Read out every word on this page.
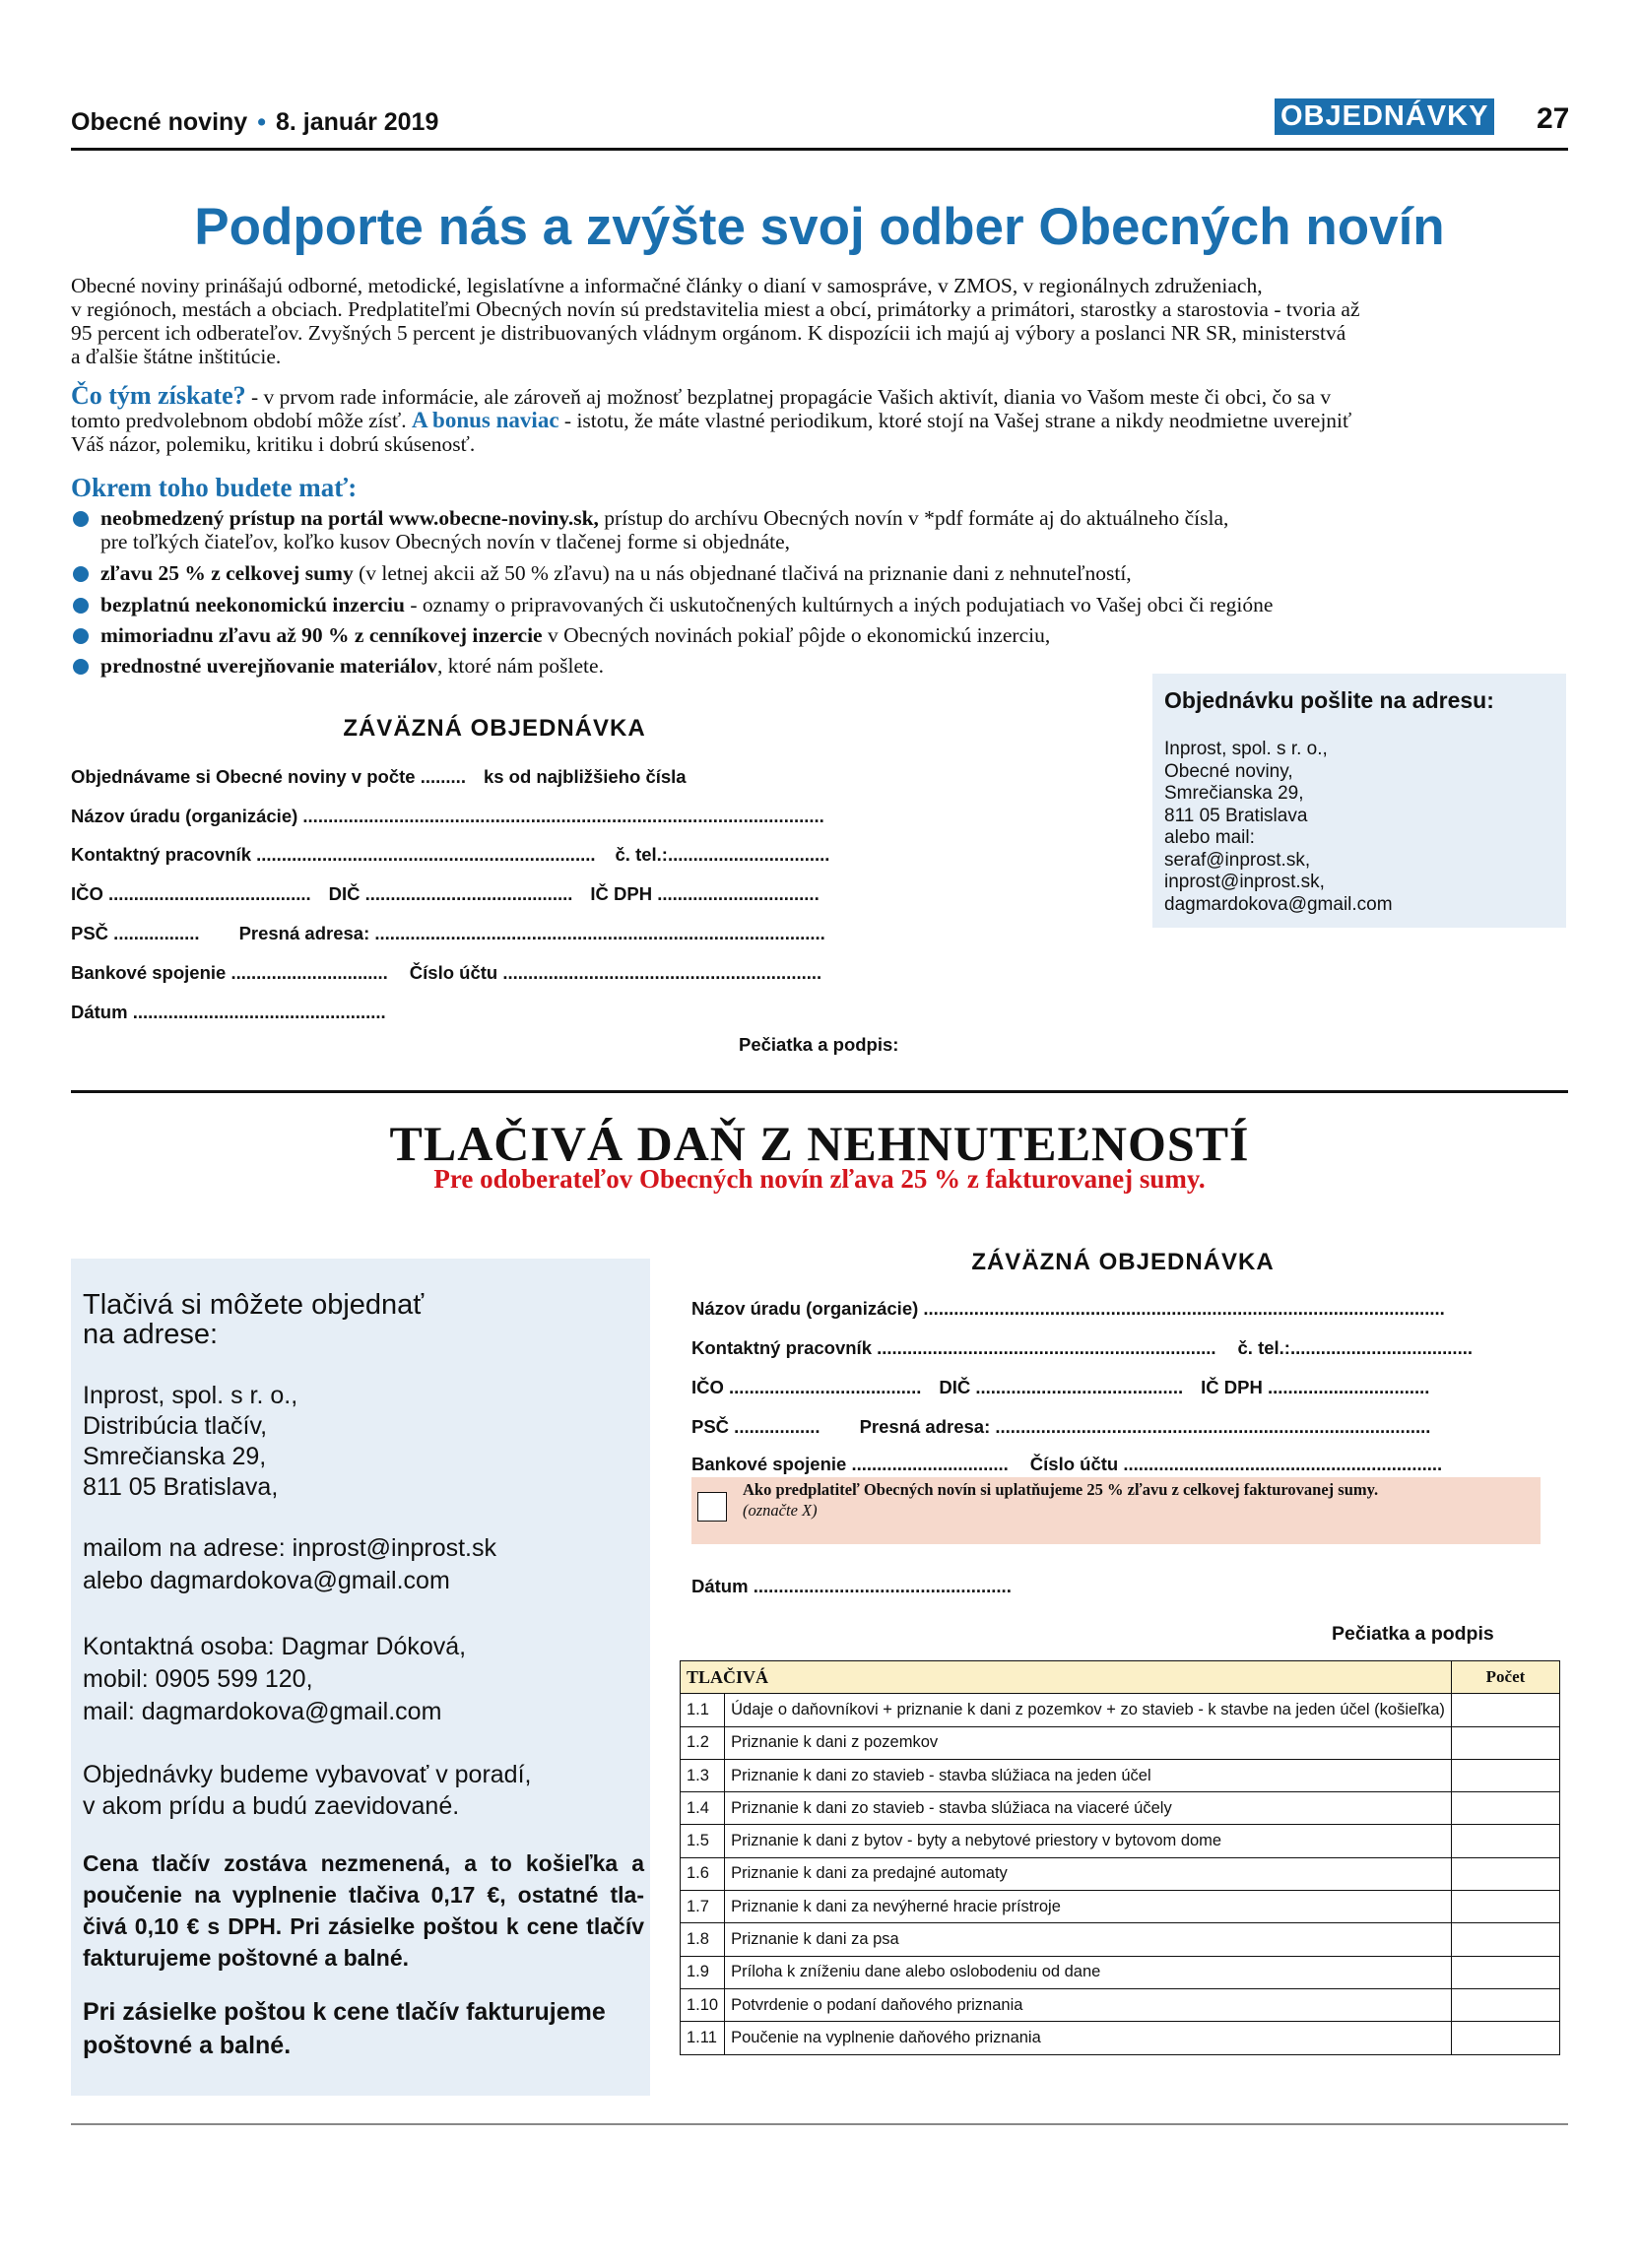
Obecné noviny • 8. január 2019	OBJEDNÁVKY 27
Podporte nás a zvýšte svoj odber Obecných novín
Obecné noviny prinášajú odborné, metodické, legislatívne a informačné články o dianí v samospráve, v ZMOS, v regionálnych združeniach,
v regiónoch, mestách a obciach. Predplatiteľmi Obecných novín sú predstavitelia miest a obcí, primátorky a primátori, starostky a starostovia - tvoria až
95 percent ich odberateľov. Zvyšných 5 percent je distribuovaných vládnym orgánom. K dispozícii ich majú aj výbory a poslanci NR SR, ministerstvá
a ďalšie štátne inštitúcie.
Čo tým získate? - v prvom rade informácie, ale zároveň aj možnosť bezplatnej propagácie Vašich aktivít, diania vo Vašom meste či obci, čo sa v
tomto predvolebnom období môže zísť. A bonus naviac - istotu, že máte vlastné periodikum, ktoré stojí na Vašej strane a nikdy neodmietne uverejniť
Váš názor, polemiku, kritiku i dobrú skúsenosť.
Okrem toho budete mať:
neobmedzený prístup na portál www.obecne-noviny.sk, prístup do archívu Obecných novín v *pdf formáte aj do aktuálneho čísla,
pre toľkých čiateľov, koľko kusov Obecných novín v tlačenej forme si objednáte,
zľavu 25 % z celkovej sumy (v letnej akcii až 50 % zľavu) na u nás objednané tlačivá na priznanie dani z nehnuteľností,
bezplatnú neekonomickú inzerciu - oznamy o pripravovaných či uskutočnených kultúrnych a iných podujatiach vo Vašej obci či regióne
mimoriadnu zľavu až 90 % z cenníkovej inzercie v Obecných novinách pokiaľ pôjde o ekonomickú inzerciu,
prednostné uverejňovanie materiálov, ktoré nám pošlete.
ZÁVÄZNÁ OBJEDNÁVKA
Objednávame si Obecné noviny v počte ......... ks od najbližšieho čísla
Názov úradu (organizácie) .......................................................................................................
Kontaktný pracovník ................................................................... č. tel.:................................
IČO ........................................ DIČ ......................................... IČ DPH ................................
PSČ ................. Presná adresa: .........................................................................................
Bankové spojenie ............................... Číslo účtu ...............................................................
Dátum ..................................................
Pečiatka a podpis:
Objednávku pošlite na adresu:
Inprost, spol. s r. o.,
Obecné noviny,
Smrečianska 29,
811 05 Bratislava
alebo mail:
seraf@inprost.sk,
inprost@inprost.sk,
dagmardokova@gmail.com
TLAČIVÁ DAŇ Z NEHNUTEĽNOSTÍ
Pre odoberateľov Obecných novín zľava 25 % z fakturovanej sumy.
Tlačivá si môžete objednať
na adrese:
Inprost, spol. s r. o.,
Distribúcia tlačív,
Smrečianska 29,
811 05 Bratislava,
mailom na adrese: inprost@inprost.sk
alebo dagmardokova@gmail.com
Kontaktná osoba: Dagmar Dóková,
mobil: 0905 599 120,
mail: dagmardokova@gmail.com
Objednávky budeme vybavovať v poradí,
v akom prídu a budú zaevidované.
Cena tlačív zostáva nezmenená, a to košieľka a poučenie na vyplnenie tlačiva 0,17 €, ostatné tla-čivá 0,10 € s DPH. Pri zásielke poštou k cene tlačív fakturujeme poštovné a balné.
Pri zásielke poštou k cene tlačív fakturujeme poštovné a balné.
ZÁVÄZNÁ OBJEDNÁVKA
Názov úradu (organizácie) .......................................................................................................
Kontaktný pracovník ................................................................... č. tel.:....................................
IČO ...................................... DIČ ......................................... IČ DPH ................................
PSČ ................. Presná adresa: ......................................................................................
Bankové spojenie ............................... Číslo účtu ...............................................................
Ako predplatiteľ Obecných novín si uplatňujeme 25 % zľavu z celkovej fakturovanej sumy.
(označte X)
Dátum ...................................................
Pečiatka a podpis
TLAČIVÁ		Počet
1.1	Údaje o daňovníkovi + priznanie k dani z pozemkov + zo stavieb - k stavbe na jeden účel (košieľka)	
1.2	Priznanie k dani z pozemkov	
1.3	Priznanie k dani zo stavieb - stavba slúžiaca na jeden účel	
1.4	Priznanie k dani zo stavieb - stavba slúžiaca na viaceré účely	
1.5	Priznanie k dani z bytov - byty a nebytové priestory v bytovom dome	
1.6	Priznanie k dani za predajné automaty	
1.7	Priznanie k dani za nevýherné hracie prístroje	
1.8	Priznanie k dani za psa	
1.9	Príloha k zníženiu dane alebo oslobodeniu od dane	
1.10	Potvrdenie o podaní daňového priznania	
1.11	Poučenie na vyplnenie daňového priznania	
